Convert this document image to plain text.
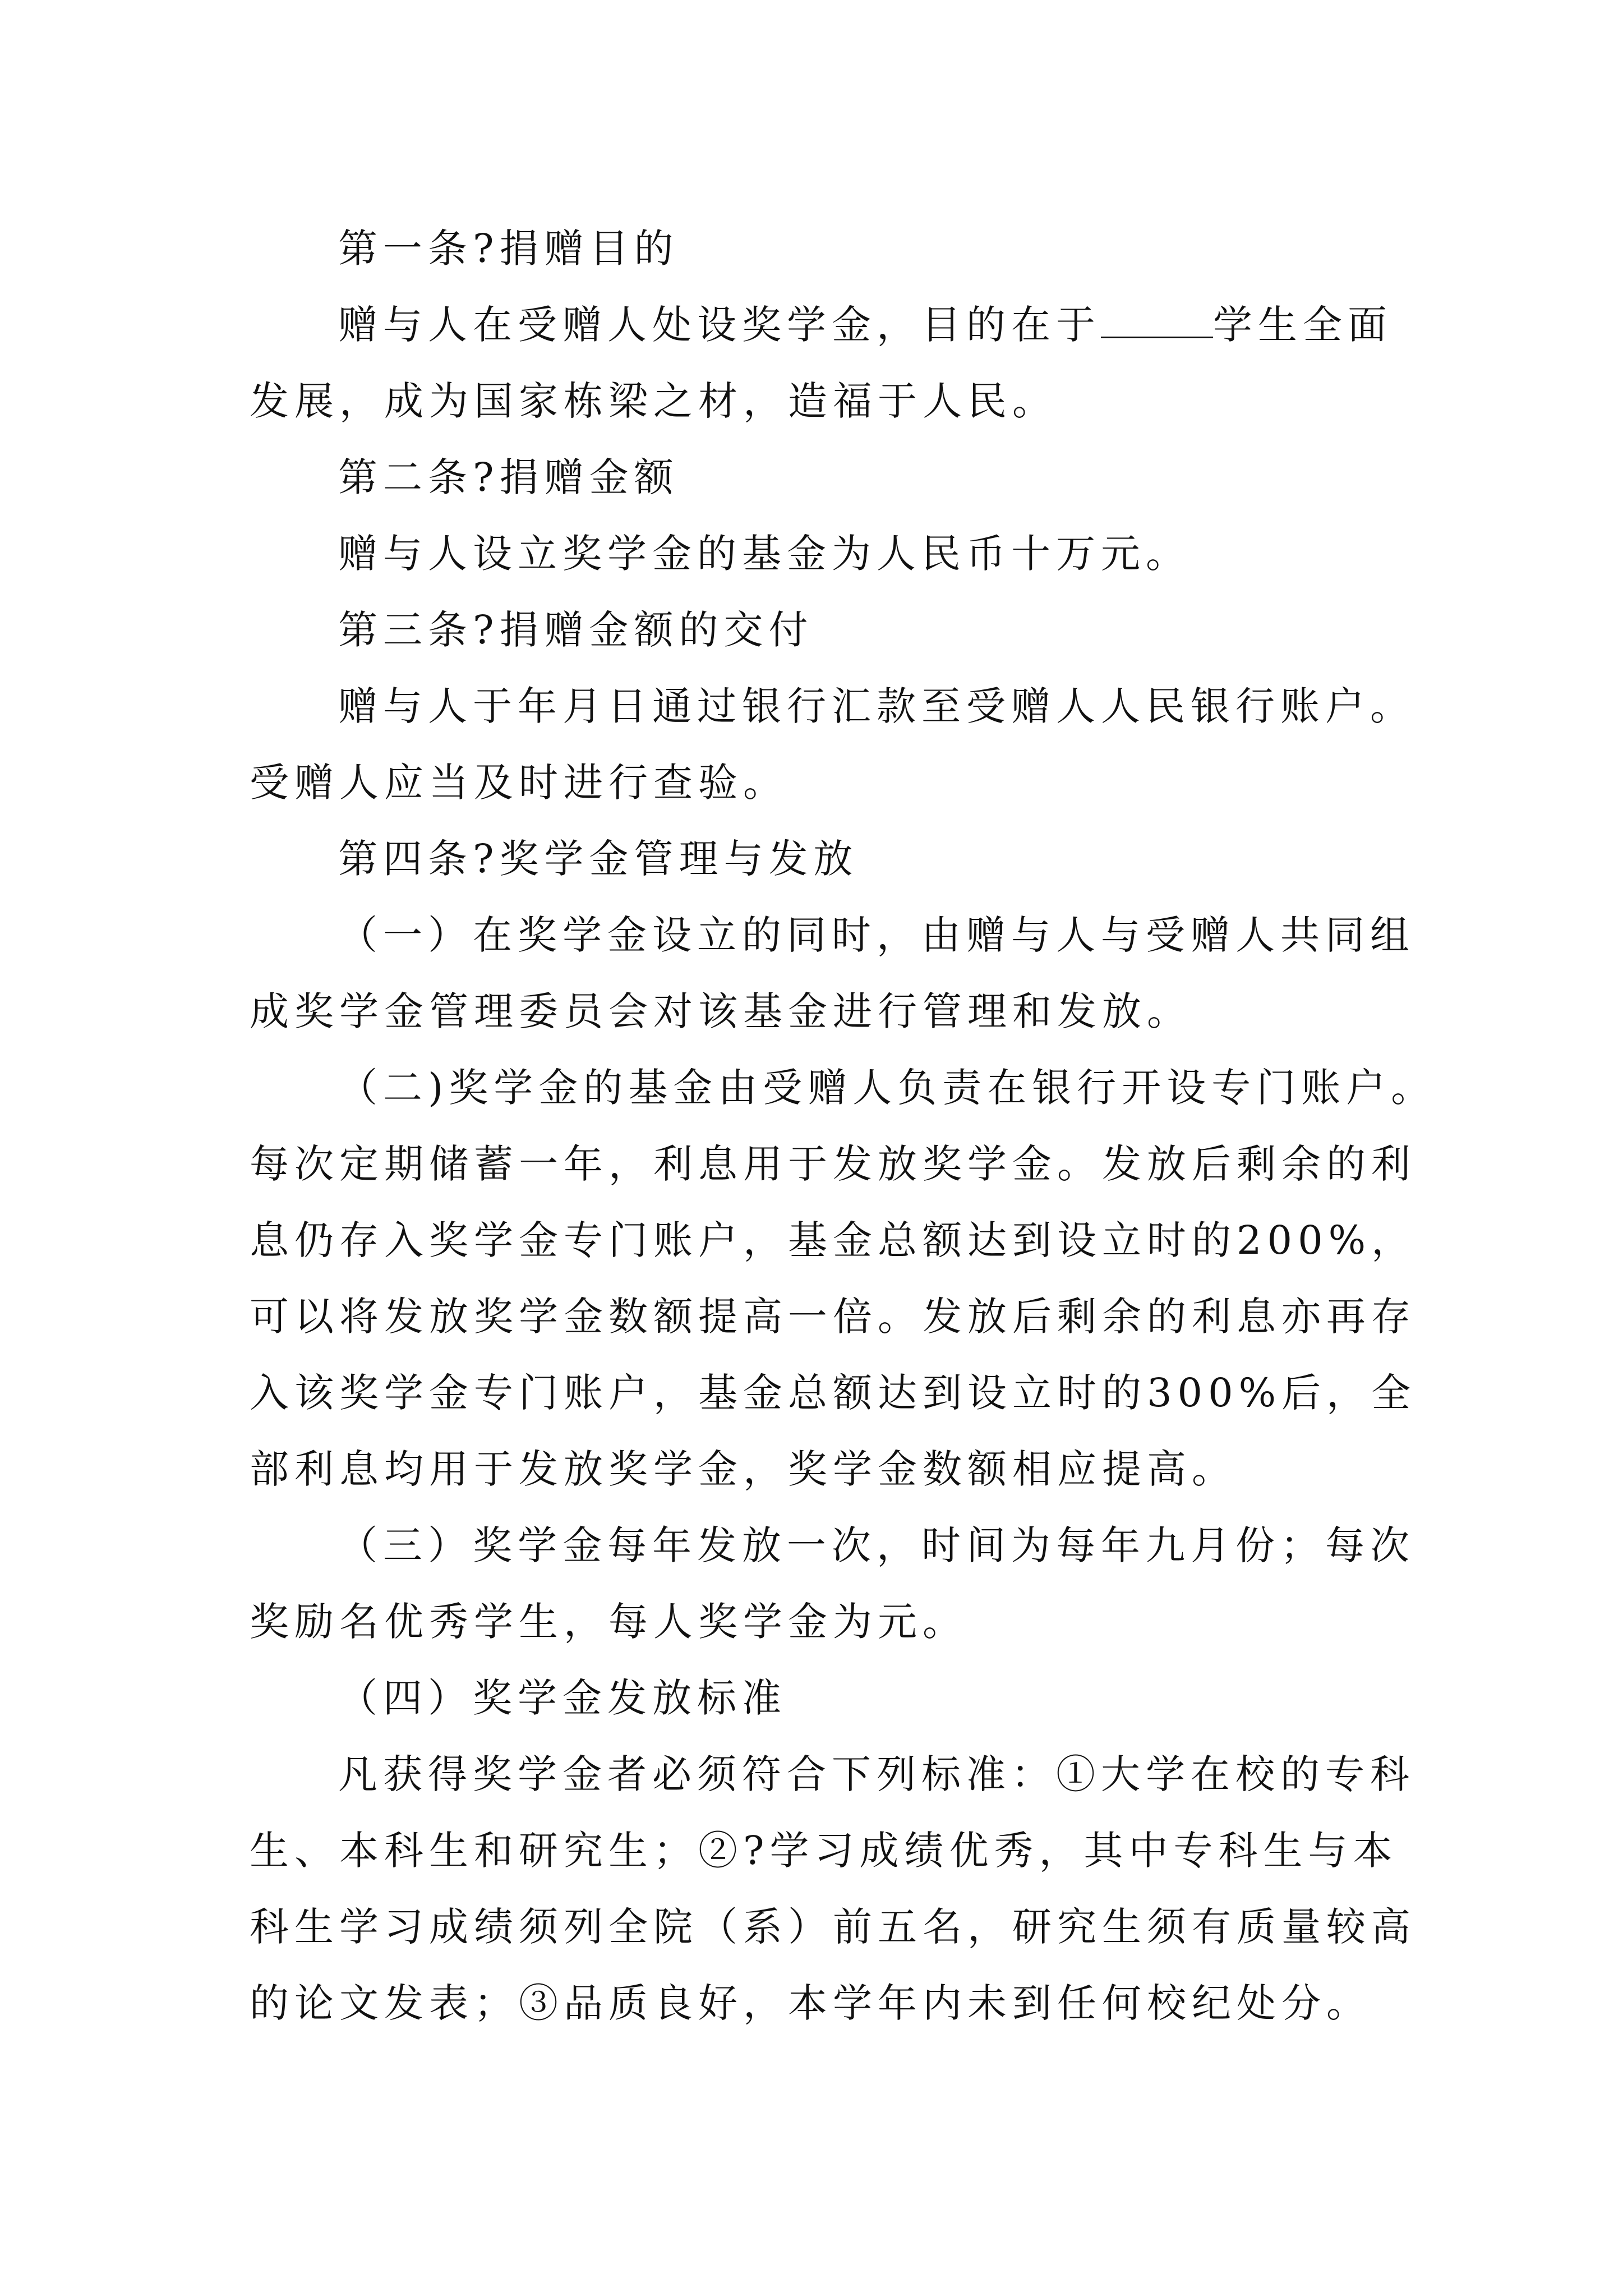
第一条?捐赠目的
赠与人在受赠人处设奖学金，目的在于	学生全面
发展，成为国家栋梁之材，造福于人民。
第二条?捐赠金额
赠与人设立奖学金的基金为人民币十万元。
第三条?捐赠金额的交付
赠与人于年月日通过银行汇款至受赠人人民银行账户。
受赠人应当及时进行查验。
第四条?奖学金管理与发放
（一）在奖学金设立的同时，由赠与人与受赠人共同组
成奖学金管理委员会对该基金进行管理和发放。
（二)奖学金的基金由受赠人负责在银行开设专门账户。
每次定期储蓄一年，利息用于发放奖学金。发放后剩余的利
息仍存入奖学金专门账户，基金总额达到设立时的200%，
可以将发放奖学金数额提高一倍。发放后剩余的利息亦再存
入该奖学金专门账户，基金总额达到设立时的300%后，全
部利息均用于发放奖学金，奖学金数额相应提高。
（三）奖学金每年发放一次，时间为每年九月份；每次
奖励名优秀学生，每人奖学金为元。
（四）奖学金发放标准
凡获得奖学金者必须符合下列标准：①大学在校的专科
生、本科生和研究生；②?学习成绩优秀，其中专科生与本
科生学习成绩须列全院（系）前五名，研究生须有质量较高
的论文发表；③品质良好，本学年内未到任何校纪处分。
